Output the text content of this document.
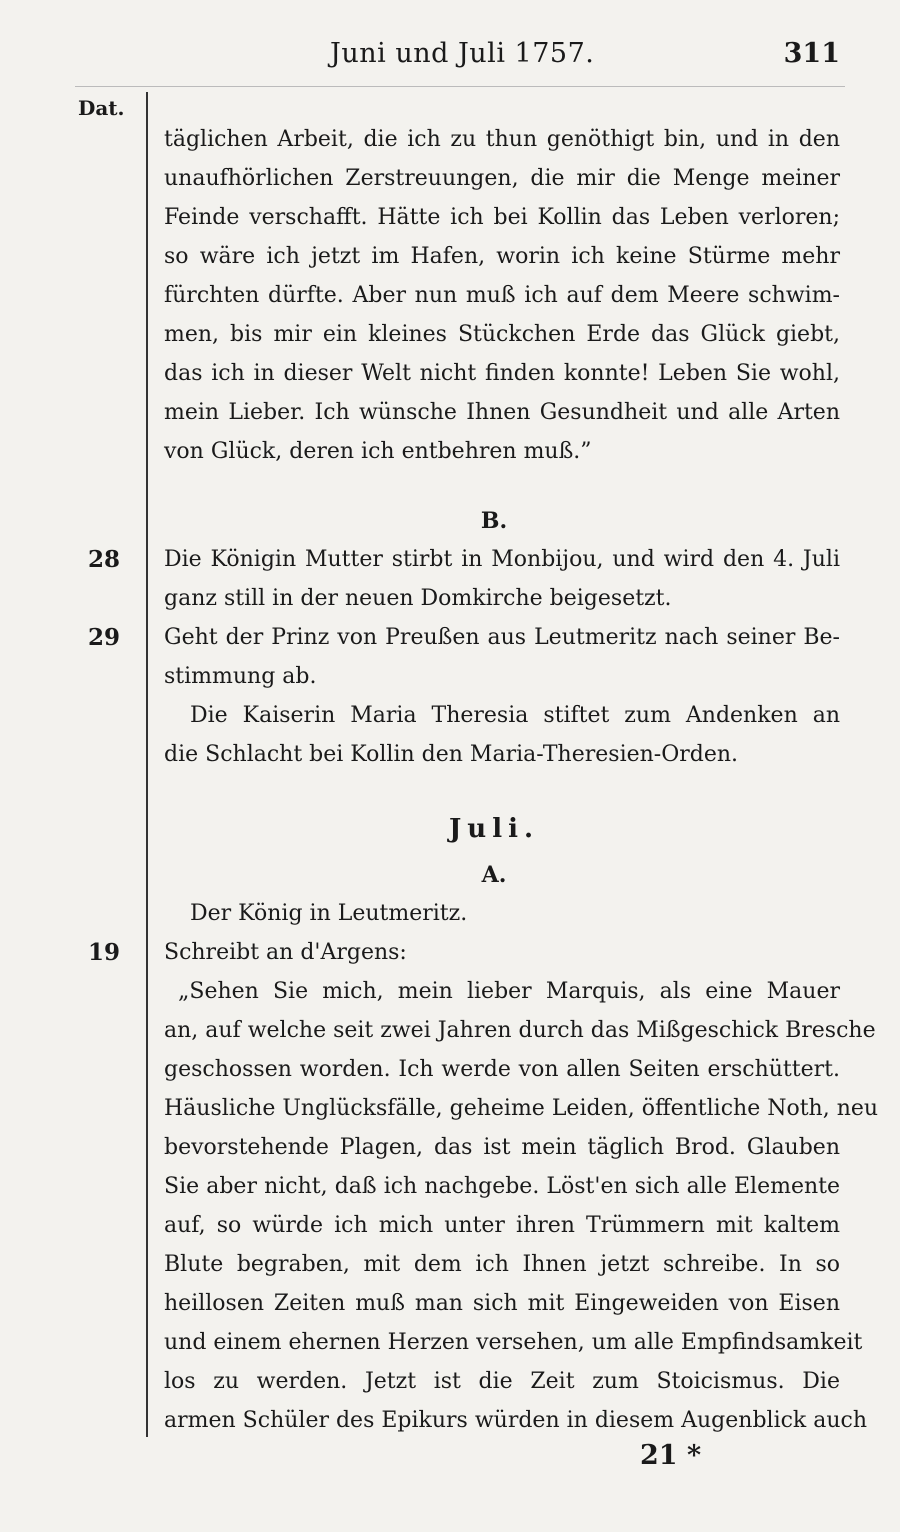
Juni und Juli 1757.	311
Dat.
täglichen Arbeit, die ich zu thun genöthigt bin, und in den
unaufhörlichen Zerstreuungen, die mir die Menge meiner
Feinde verschafft. Hätte ich bei Kollin das Leben verloren;
so wäre ich jetzt im Hafen, worin ich keine Stürme mehr
fürchten dürfte. Aber nun muß ich auf dem Meere schwim-
men, bis mir ein kleines Stückchen Erde das Glück giebt,
das ich in dieser Welt nicht finden konnte! Leben Sie wohl,
mein Lieber. Ich wünsche Ihnen Gesundheit und alle Arten
von Glück, deren ich entbehren muß.”
B.
28	Die Königin Mutter stirbt in Monbijou, und wird den 4. Juli
ganz still in der neuen Domkirche beigesetzt.
29	Geht der Prinz von Preußen aus Leutmeritz nach seiner Be-
stimmung ab.
Die Kaiserin Maria Theresia stiftet zum Andenken an
die Schlacht bei Kollin den Maria-Theresien-Orden.
Juli.
A.
Der König in Leutmeritz.
19	Schreibt an d'Argens:
„Sehen Sie mich, mein lieber Marquis, als eine Mauer
an, auf welche seit zwei Jahren durch das Mißgeschick Bresche
geschossen worden. Ich werde von allen Seiten erschüttert.
Häusliche Unglücksfälle, geheime Leiden, öffentliche Noth, neu
bevorstehende Plagen, das ist mein täglich Brod. Glauben
Sie aber nicht, daß ich nachgebe. Löst'en sich alle Elemente
auf, so würde ich mich unter ihren Trümmern mit kaltem
Blute begraben, mit dem ich Ihnen jetzt schreibe. In so
heillosen Zeiten muß man sich mit Eingeweiden von Eisen
und einem ehernen Herzen versehen, um alle Empfindsamkeit
los zu werden. Jetzt ist die Zeit zum Stoicismus. Die
armen Schüler des Epikurs würden in diesem Augenblick auch
21 *
